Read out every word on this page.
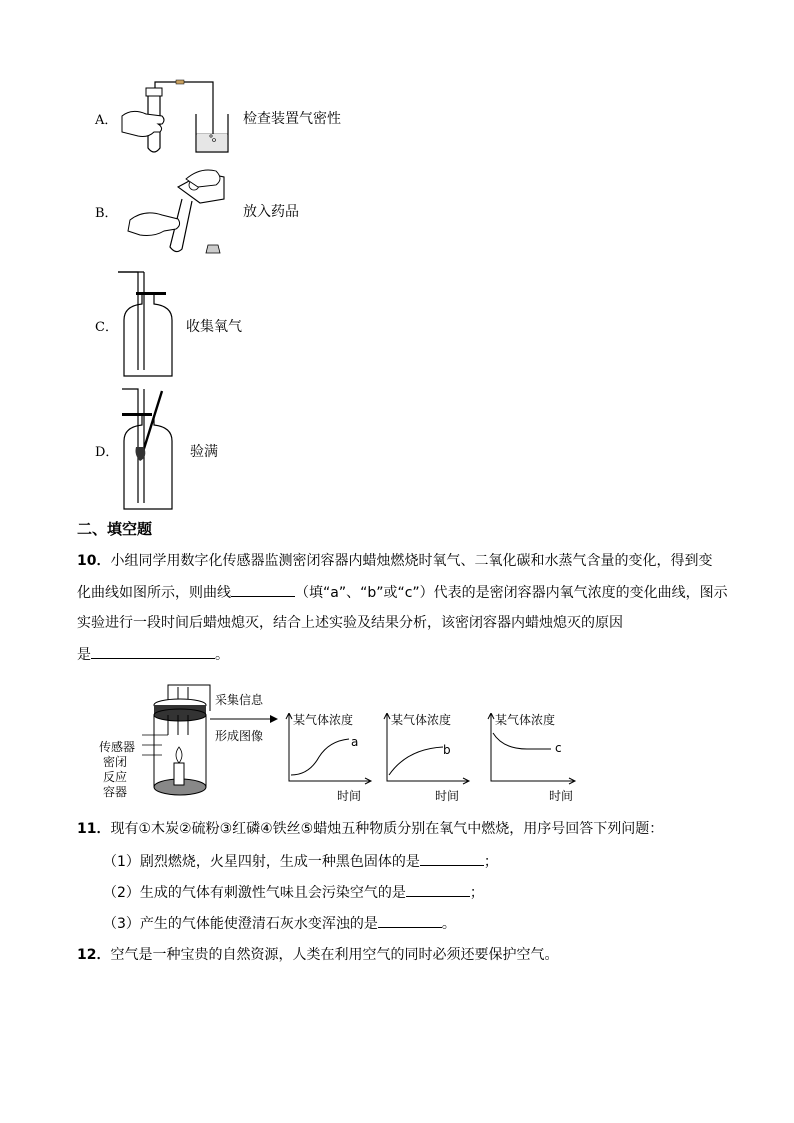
A．	检查装置气密性
B．	放入药品
C．	收集氧气
D．	验满
二、填空题
10．小组同学用数字化传感器监测密闭容器内蜡烛燃烧时氧气、二氧化碳和水蒸气含量的变化，得到变
化曲线如图所示，则曲线	（填“a”、“b”或“c”）代表的是密闭容器内氧气浓度的变化曲线，图示
实验进行一段时间后蜡烛熄灭，结合上述实验及结果分析，该密闭容器内蜡烛熄灭的原因
是	。
传感器
密闭
反应
容器
采集信息
形成图像
某气体浓度
a
时间
某气体浓度
b
时间
某气体浓度
c
时间
11．现有①木炭②硫粉③红磷④铁丝⑤蜡烛五种物质分别在氧气中燃烧，用序号回答下列问题：
（1）剧烈燃烧，火星四射，生成一种黑色固体的是	；
（2）生成的气体有刺激性气味且会污染空气的是	；
（3）产生的气体能使澄清石灰水变浑浊的是	。
12．空气是一种宝贵的自然资源，人类在利用空气的同时必须还要保护空气。
